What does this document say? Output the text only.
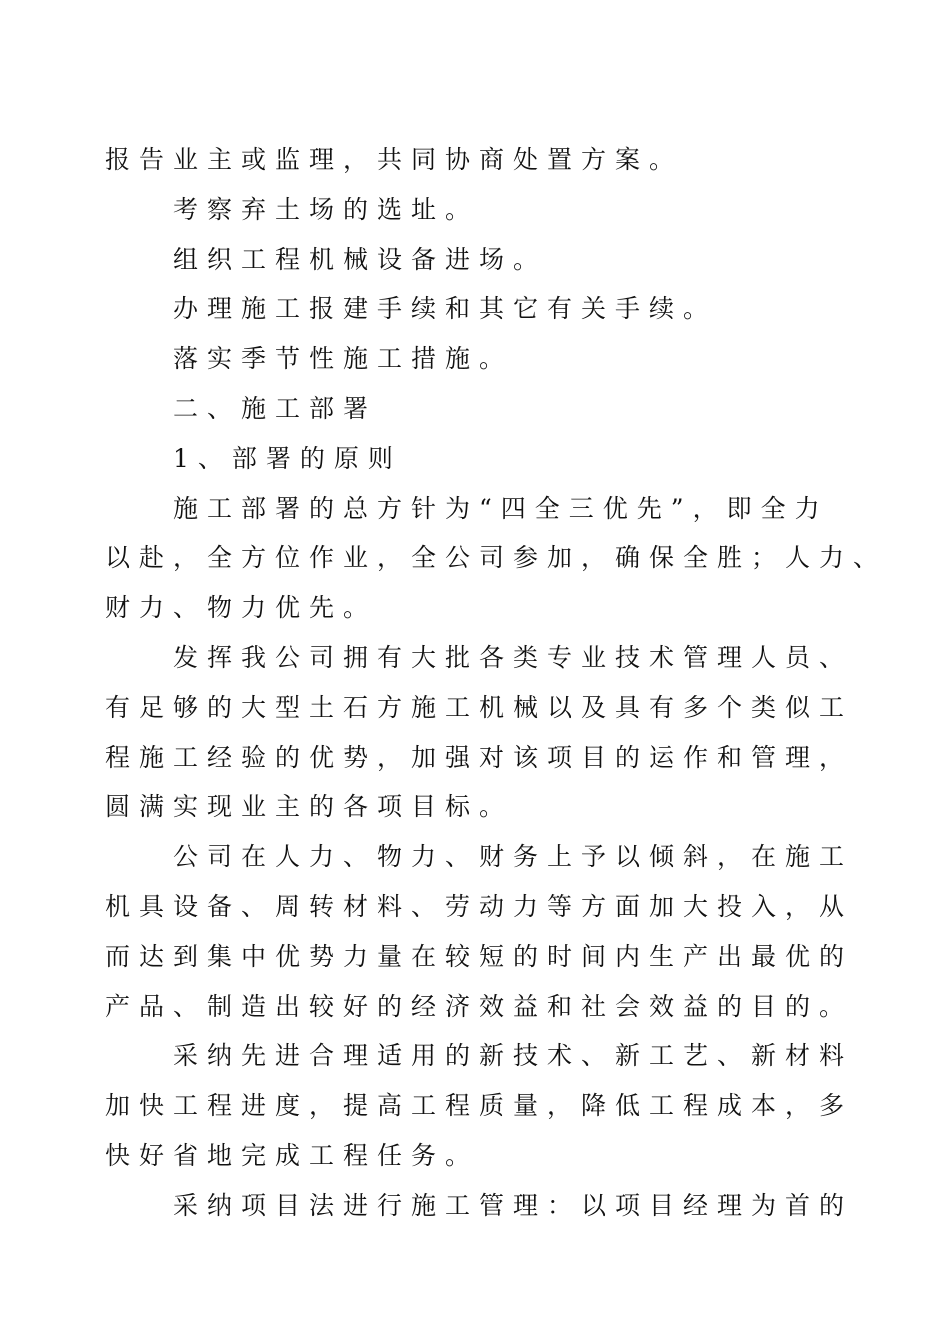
报告业主或监理，共同协商处置方案。
考察弃土场的选址。
组织工程机械设备进场。
办理施工报建手续和其它有关手续。
落实季节性施工措施。
二、施工部署
1、部署的原则
施工部署的总方针为“四全三优先”，即全力
以赴，全方位作业，全公司参加，确保全胜；人力、
财力、物力优先。
发挥我公司拥有大批各类专业技术管理人员、
有足够的大型土石方施工机械以及具有多个类似工
程施工经验的优势，加强对该项目的运作和管理，
圆满实现业主的各项目标。
公司在人力、物力、财务上予以倾斜，在施工
机具设备、周转材料、劳动力等方面加大投入，从
而达到集中优势力量在较短的时间内生产出最优的
产品、制造出较好的经济效益和社会效益的目的。
采纳先进合理适用的新技术、新工艺、新材料
加快工程进度，提高工程质量，降低工程成本，多
快好省地完成工程任务。
采纳项目法进行施工管理：以项目经理为首的
